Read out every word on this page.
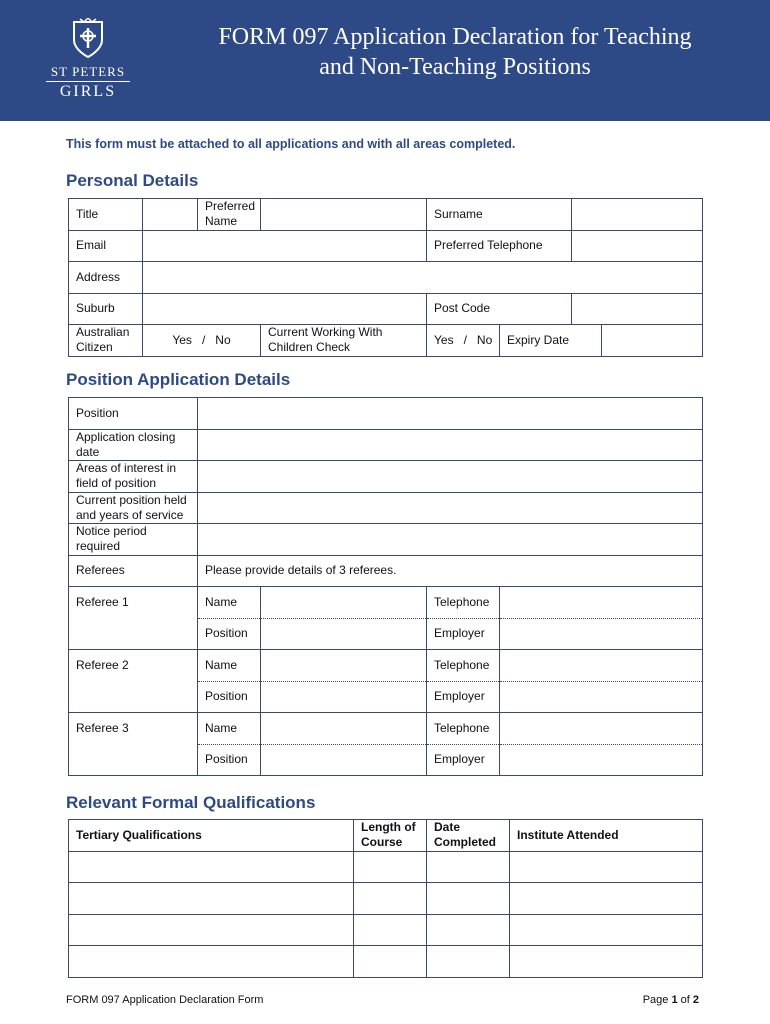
ST PETERS
GIRLS
FORM 097 Application Declaration for Teaching
and Non-Teaching Positions
This form must be attached to all applications and with all areas completed.
Personal Details
Title		Preferred Name		Surname			
Email				Preferred Telephone			
Address							
Suburb				Post Code			
Australian Citizen	Yes   /   No		Current Working With Children Check	Yes   /   No	Expiry Date		
Position Application Details
Position				
Application closing date				
Areas of interest in field of position				
Current position held and years of service				
Notice period required				
Referees	Please provide details of 3 referees.			
Referee 1	Name		Telephone	
	Position		Employer	
Referee 2	Name		Telephone	
	Position		Employer	
Referee 3	Name		Telephone	
	Position		Employer	
Relevant Formal Qualifications
Tertiary Qualifications	Length of Course	Date Completed	Institute Attended

FORM 097 Application Declaration Form	Page 1 of 2
